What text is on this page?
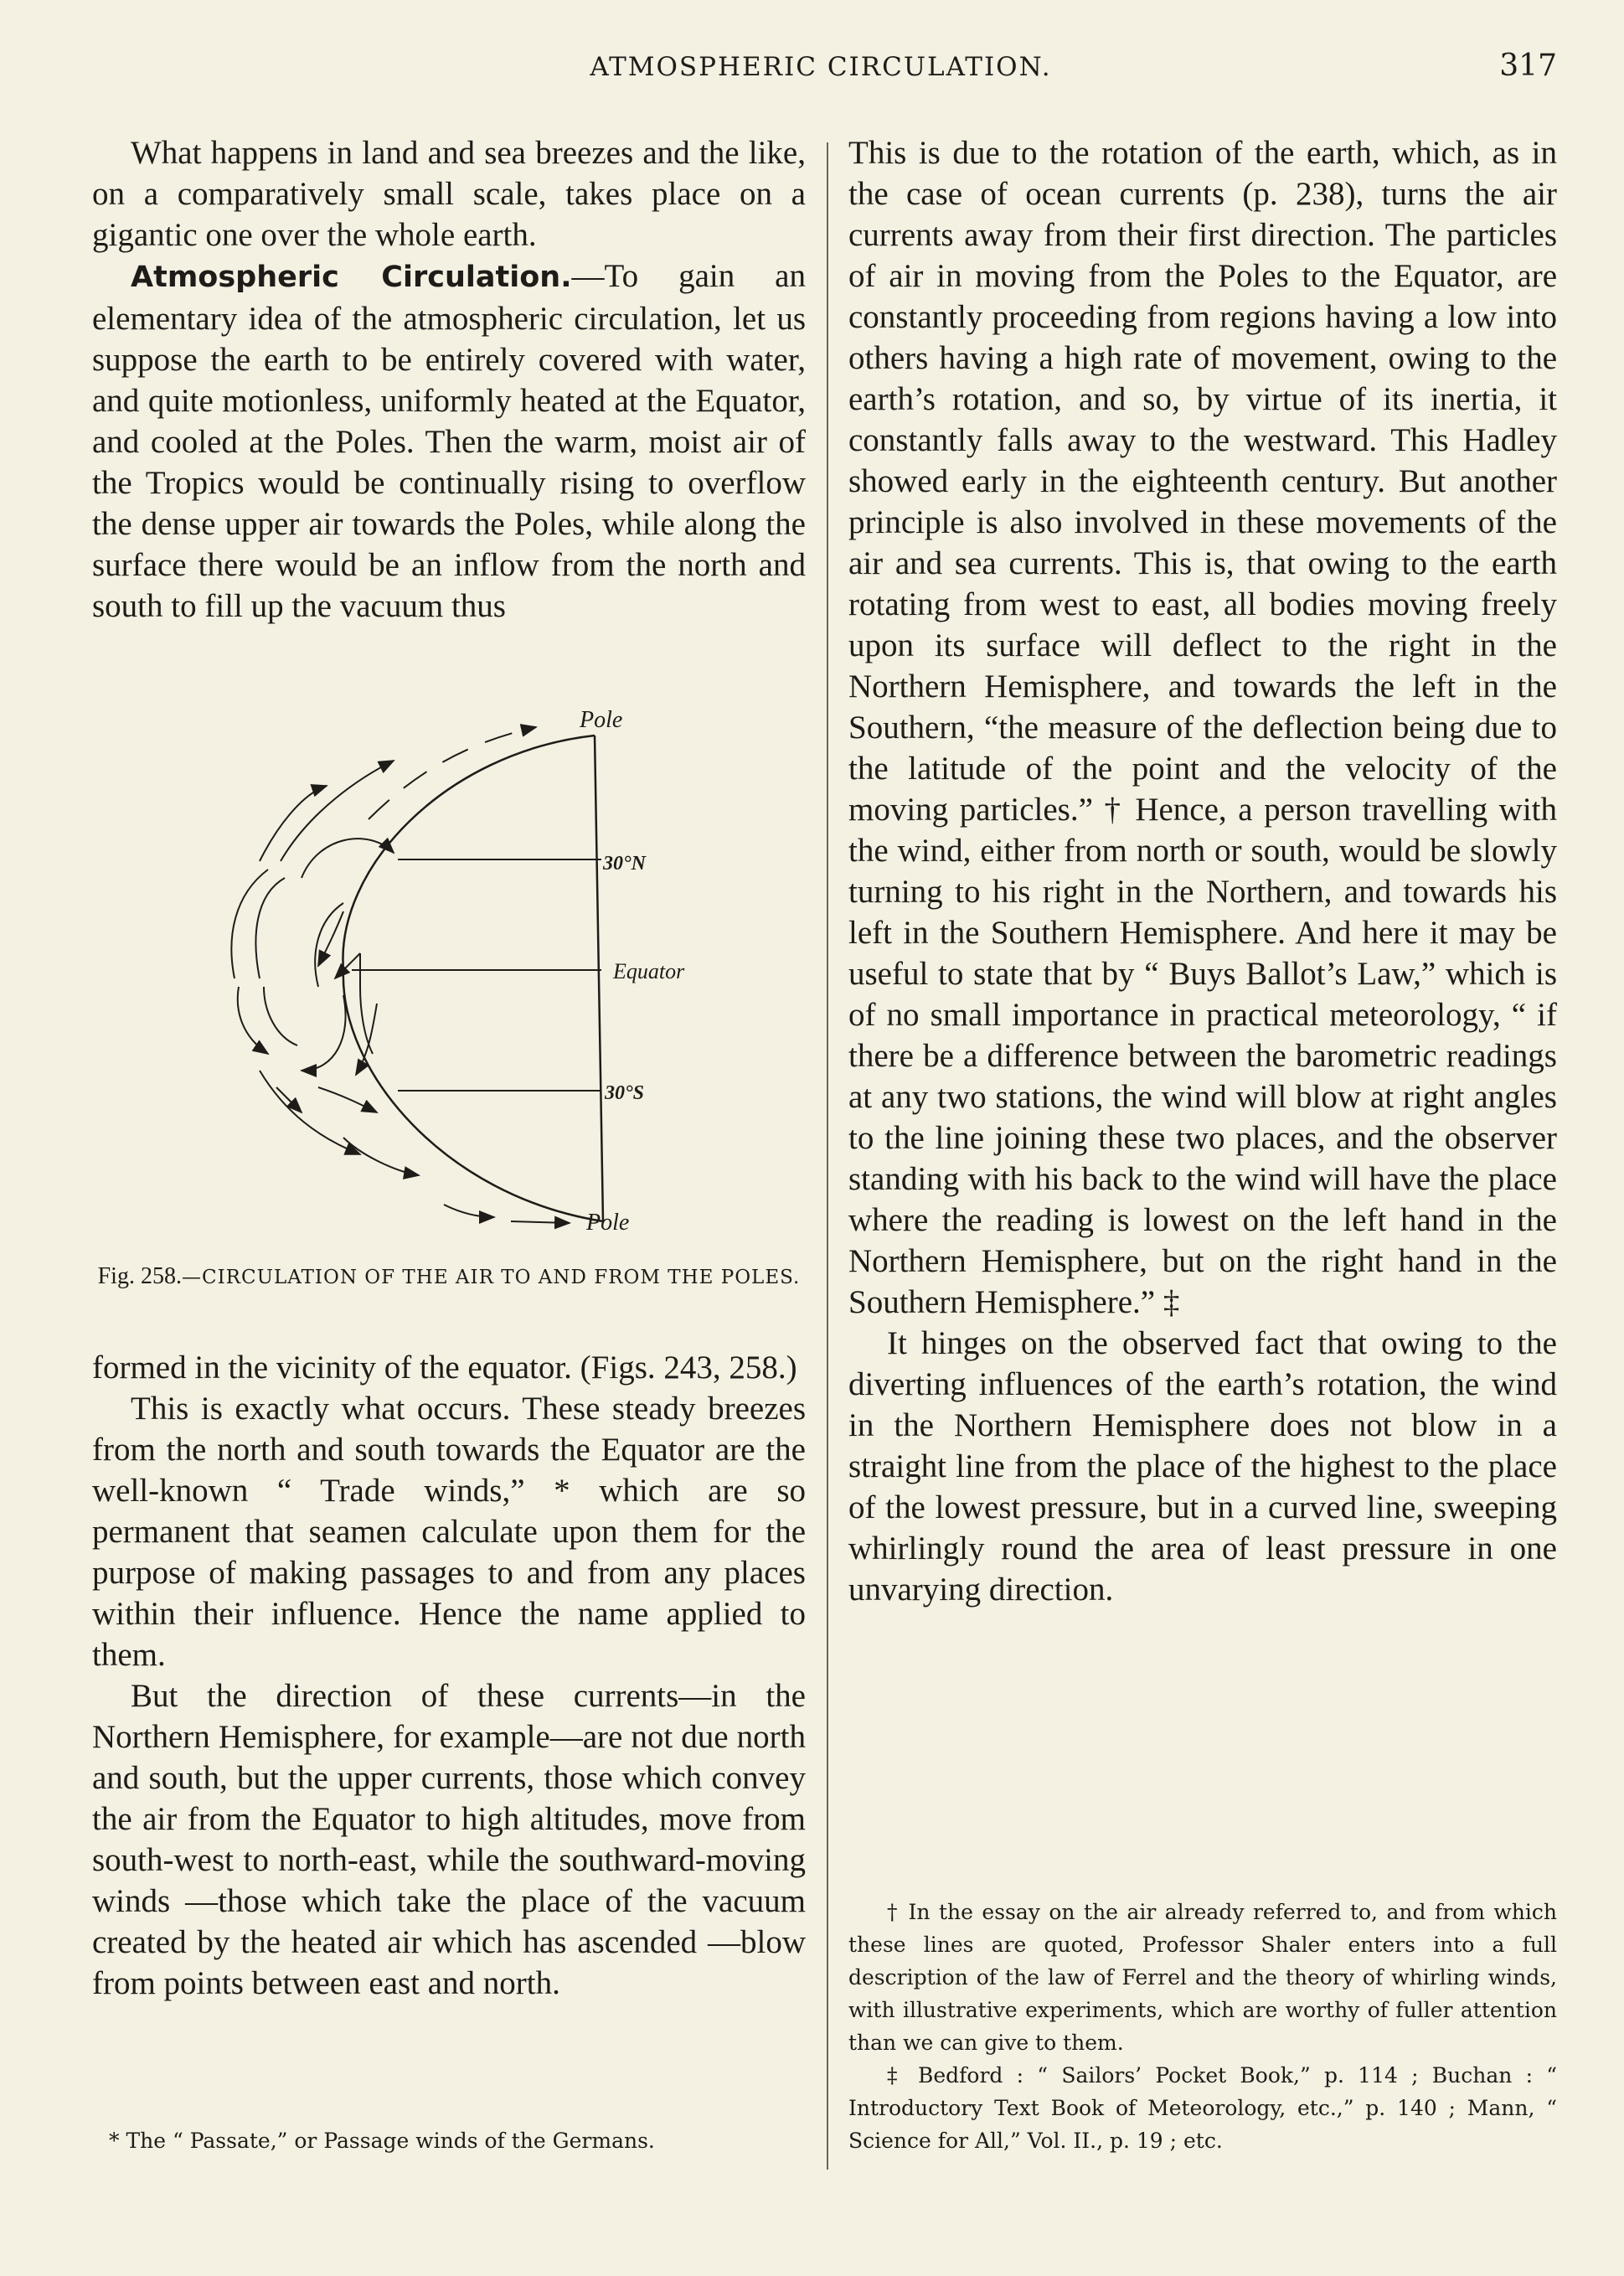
ATMOSPHERIC CIRCULATION.	317

What happens in land and sea breezes and the like, on a comparatively small scale, takes place on a gigantic one over the whole earth.

Atmospheric Circulation.—To gain an elementary idea of the atmospheric circulation, let us suppose the earth to be entirely covered with water, and quite motionless, uniformly heated at the Equator, and cooled at the Poles. Then the warm, moist air of the Tropics would be continually rising to overflow the dense upper air towards the Poles, while along the surface there would be an inflow from the north and south to fill up the vacuum thus

Pole
30°N
Equator
30°S
Pole
Fig. 258.—CIRCULATION OF THE AIR TO AND FROM THE POLES.

formed in the vicinity of the equator. (Figs. 243, 258.)

This is exactly what occurs. These steady breezes from the north and south towards the Equator are the well-known “ Trade winds,” * which are so permanent that seamen calculate upon them for the purpose of making passages to and from any places within their influence. Hence the name applied to them.

But the direction of these currents—in the Northern Hemisphere, for example—are not due north and south, but the upper currents, those which convey the air from the Equator to high altitudes, move from south-west to north-east, while the southward-moving winds —those which take the place of the vacuum created by the heated air which has ascended —blow from points between east and north.

* The “ Passate,” or Passage winds of the Germans.

This is due to the rotation of the earth, which, as in the case of ocean currents (p. 238), turns the air currents away from their first direction. The particles of air in moving from the Poles to the Equator, are constantly proceeding from regions having a low into others having a high rate of movement, owing to the earth’s rotation, and so, by virtue of its inertia, it constantly falls away to the westward. This Hadley showed early in the eighteenth century. But another principle is also involved in these movements of the air and sea currents. This is, that owing to the earth rotating from west to east, all bodies moving freely upon its surface will deflect to the right in the Northern Hemisphere, and towards the left in the Southern, “the measure of the deflection being due to the latitude of the point and the velocity of the moving particles.” † Hence, a person travelling with the wind, either from north or south, would be slowly turning to his right in the Northern, and towards his left in the Southern Hemisphere. And here it may be useful to state that by “ Buys Ballot’s Law,” which is of no small importance in practical meteorology, “ if there be a difference between the barometric readings at any two stations, the wind will blow at right angles to the line joining these two places, and the observer standing with his back to the wind will have the place where the reading is lowest on the left hand in the Northern Hemisphere, but on the right hand in the Southern Hemisphere.” ‡

It hinges on the observed fact that owing to the diverting influences of the earth’s rotation, the wind in the Northern Hemisphere does not blow in a straight line from the place of the highest to the place of the lowest pressure, but in a curved line, sweeping whirlingly round the area of least pressure in one unvarying direction.

† In the essay on the air already referred to, and from which these lines are quoted, Professor Shaler enters into a full description of the law of Ferrel and the theory of whirling winds, with illustrative experiments, which are worthy of fuller attention than we can give to them.

‡ Bedford : “ Sailors’ Pocket Book,” p. 114 ; Buchan : “ Introductory Text Book of Meteorology, etc.,” p. 140 ; Mann, “ Science for All,” Vol. II., p. 19 ; etc.
